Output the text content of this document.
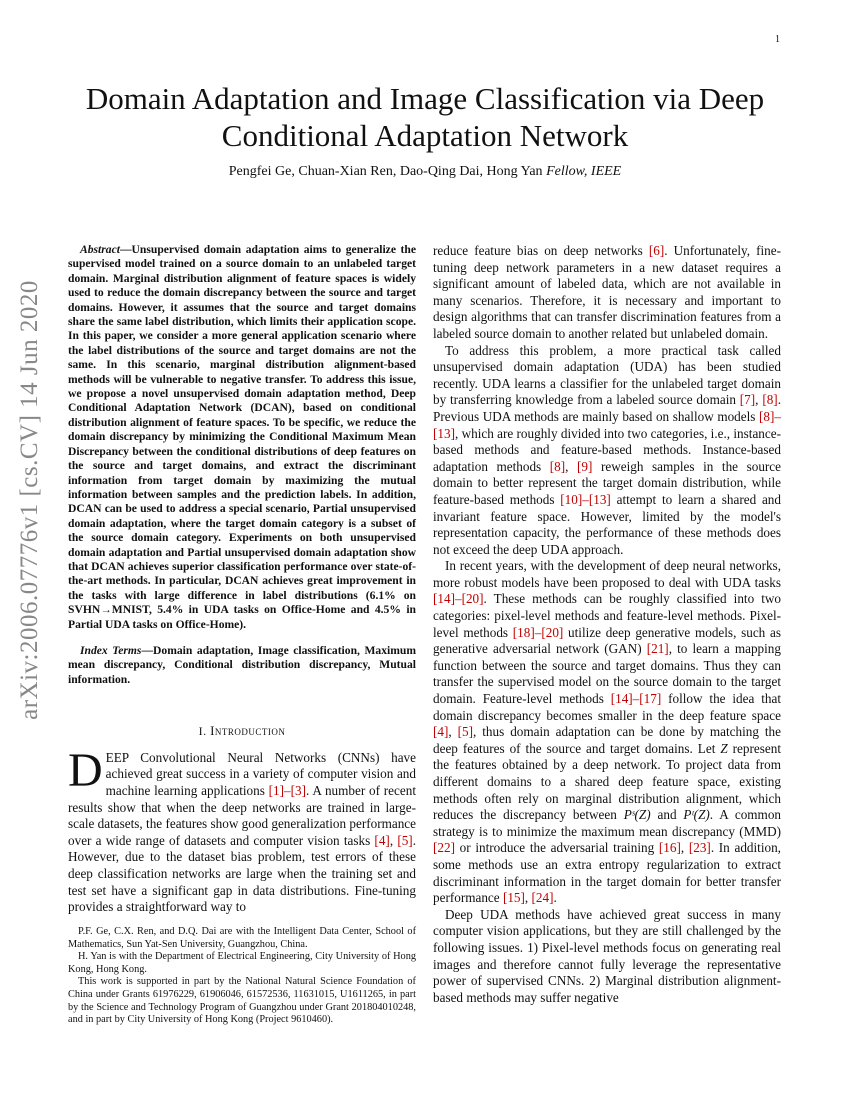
1
arXiv:2006.07776v1 [cs.CV] 14 Jun 2020
Domain Adaptation and Image Classification via Deep Conditional Adaptation Network
Pengfei Ge, Chuan-Xian Ren, Dao-Qing Dai, Hong Yan Fellow, IEEE

Abstract—Unsupervised domain adaptation aims to generalize the supervised model trained on a source domain to an unlabeled target domain. Marginal distribution alignment of feature spaces is widely used to reduce the domain discrepancy between the source and target domains. However, it assumes that the source and target domains share the same label distribution, which limits their application scope. In this paper, we consider a more general application scenario where the label distributions of the source and target domains are not the same. In this scenario, marginal distribution alignment-based methods will be vulnerable to negative transfer. To address this issue, we propose a novel unsupervised domain adaptation method, Deep Conditional Adaptation Network (DCAN), based on conditional distribution alignment of feature spaces. To be specific, we reduce the domain discrepancy by minimizing the Conditional Maximum Mean Discrepancy between the conditional distributions of deep features on the source and target domains, and extract the discriminant information from target domain by maximizing the mutual information between samples and the prediction labels. In addition, DCAN can be used to address a special scenario, Partial unsupervised domain adaptation, where the target domain category is a subset of the source domain category. Experiments on both unsupervised domain adaptation and Partial unsupervised domain adaptation show that DCAN achieves superior classification performance over state-of-the-art methods. In particular, DCAN achieves great improvement in the tasks with large difference in label distributions (6.1% on SVHN→MNIST, 5.4% in UDA tasks on Office-Home and 4.5% in Partial UDA tasks on Office-Home).

Index Terms—Domain adaptation, Image classification, Maximum mean discrepancy, Conditional distribution discrepancy, Mutual information.

I. Introduction

DEEP Convolutional Neural Networks (CNNs) have achieved great success in a variety of computer vision and machine learning applications [1]–[3]. A number of recent results show that when the deep networks are trained in large-scale datasets, the features show good generalization performance over a wide range of datasets and computer vision tasks [4], [5]. However, due to the dataset bias problem, test errors of these deep classification networks are large when the training set and test set have a significant gap in data distributions. Fine-tuning provides a straightforward way to

P.F. Ge, C.X. Ren, and D.Q. Dai are with the Intelligent Data Center, School of Mathematics, Sun Yat-Sen University, Guangzhou, China.

H. Yan is with the Department of Electrical Engineering, City University of Hong Kong, Hong Kong.

This work is supported in part by the National Natural Science Foundation of China under Grants 61976229, 61906046, 61572536, 11631015, U1611265, in part by the Science and Technology Program of Guangzhou under Grant 201804010248, and in part by City University of Hong Kong (Project 9610460).

reduce feature bias on deep networks [6]. Unfortunately, fine-tuning deep network parameters in a new dataset requires a significant amount of labeled data, which are not available in many scenarios. Therefore, it is necessary and important to design algorithms that can transfer discrimination features from a labeled source domain to another related but unlabeled domain.

To address this problem, a more practical task called unsupervised domain adaptation (UDA) has been studied recently. UDA learns a classifier for the unlabeled target domain by transferring knowledge from a labeled source domain [7], [8]. Previous UDA methods are mainly based on shallow models [8]–[13], which are roughly divided into two categories, i.e., instance-based methods and feature-based methods. Instance-based adaptation methods [8], [9] reweigh samples in the source domain to better represent the target domain distribution, while feature-based methods [10]–[13] attempt to learn a shared and invariant feature space. However, limited by the model's representation capacity, the performance of these methods does not exceed the deep UDA approach.

In recent years, with the development of deep neural networks, more robust models have been proposed to deal with UDA tasks [14]–[20]. These methods can be roughly classified into two categories: pixel-level methods and feature-level methods. Pixel-level methods [18]–[20] utilize deep generative models, such as generative adversarial network (GAN) [21], to learn a mapping function between the source and target domains. Thus they can transfer the supervised model on the source domain to the target domain. Feature-level methods [14]–[17] follow the idea that domain discrepancy becomes smaller in the deep feature space [4], [5], thus domain adaptation can be done by matching the deep features of the source and target domains. Let Z represent the features obtained by a deep network. To project data from different domains to a shared deep feature space, existing methods often rely on marginal distribution alignment, which reduces the discrepancy between Pˢ(Z) and Pᵗ(Z). A common strategy is to minimize the maximum mean discrepancy (MMD) [22] or introduce the adversarial training [16], [23]. In addition, some methods use an extra entropy regularization to extract discriminant information in the target domain for better transfer performance [15], [24].

Deep UDA methods have achieved great success in many computer vision applications, but they are still challenged by the following issues. 1) Pixel-level methods focus on generating real images and therefore cannot fully leverage the representative power of supervised CNNs. 2) Marginal distribution alignment-based methods may suffer negative
